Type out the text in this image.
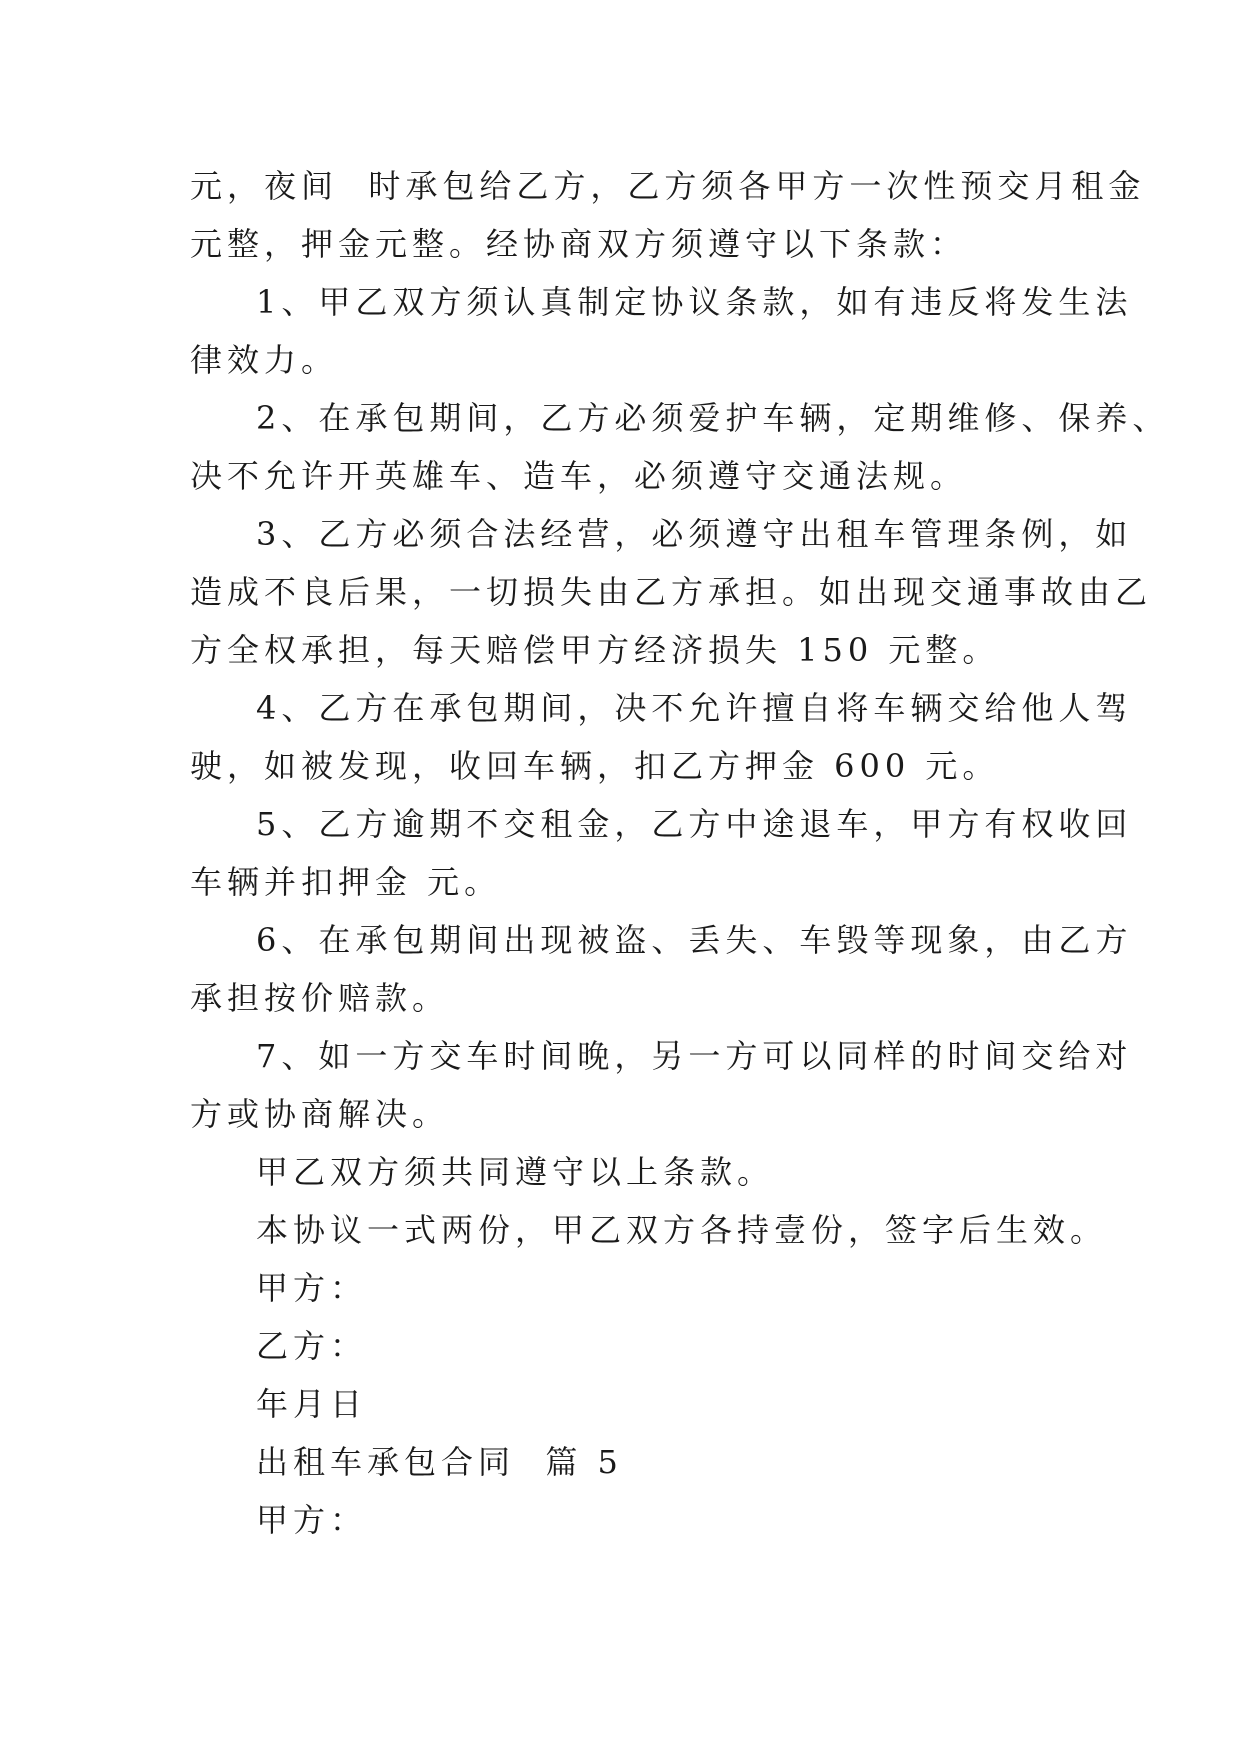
元，夜间  时承包给乙方，乙方须各甲方一次性预交月租金
元整，押金元整。经协商双方须遵守以下条款：
1、甲乙双方须认真制定协议条款，如有违反将发生法
律效力。
2、在承包期间，乙方必须爱护车辆，定期维修、保养、
决不允许开英雄车、造车，必须遵守交通法规。
3、乙方必须合法经营，必须遵守出租车管理条例，如
造成不良后果，一切损失由乙方承担。如出现交通事故由乙
方全权承担，每天赔偿甲方经济损失 150 元整。
4、乙方在承包期间，决不允许擅自将车辆交给他人驾
驶，如被发现，收回车辆，扣乙方押金 600 元。
5、乙方逾期不交租金，乙方中途退车，甲方有权收回
车辆并扣押金 元。
6、在承包期间出现被盗、丢失、车毁等现象，由乙方
承担按价赔款。
7、如一方交车时间晚，另一方可以同样的时间交给对
方或协商解决。
甲乙双方须共同遵守以上条款。
本协议一式两份，甲乙双方各持壹份，签字后生效。
甲方：
乙方：
年月日
出租车承包合同  篇 5
甲方：
